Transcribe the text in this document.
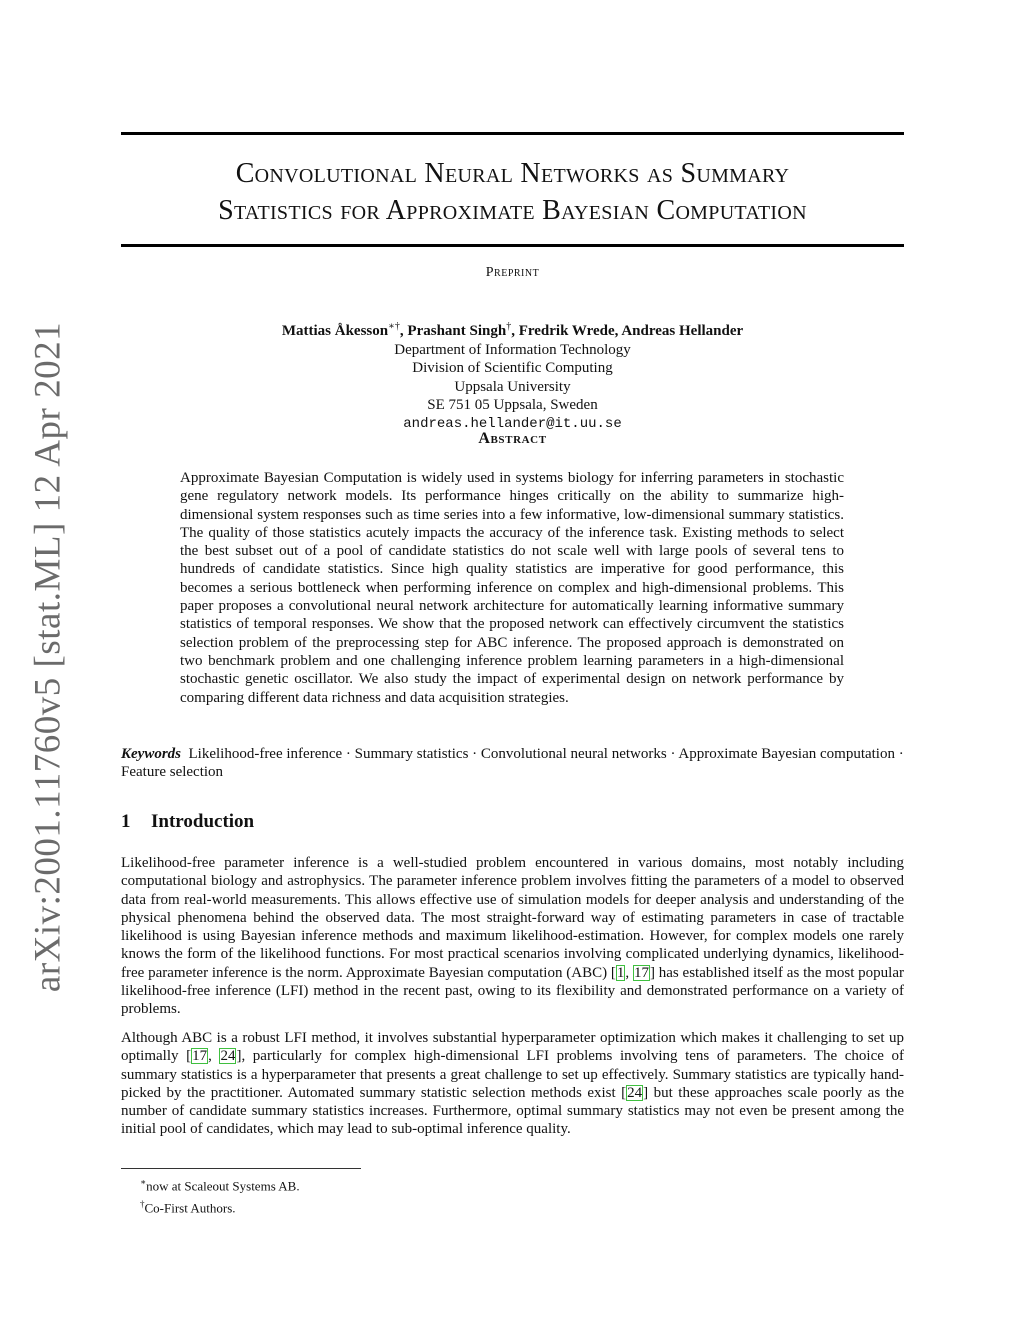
arXiv:2001.11760v5 [stat.ML] 12 Apr 2021
Convolutional Neural Networks as Summary
Statistics for Approximate Bayesian Computation
Preprint
Mattias Åkesson∗†, Prashant Singh†, Fredrik Wrede, Andreas Hellander
Department of Information Technology
Division of Scientific Computing
Uppsala University
SE 751 05 Uppsala, Sweden
andreas.hellander@it.uu.se
Abstract
Approximate Bayesian Computation is widely used in systems biology for inferring parameters in stochastic gene regulatory network models. Its performance hinges critically on the ability to summarize high-dimensional system responses such as time series into a few informative, low-dimensional summary statistics. The quality of those statistics acutely impacts the accuracy of the inference task. Existing methods to select the best subset out of a pool of candidate statistics do not scale well with large pools of several tens to hundreds of candidate statistics. Since high quality statistics are imperative for good performance, this becomes a serious bottleneck when performing inference on complex and high-dimensional problems. This paper proposes a convolutional neural network architecture for automatically learning informative summary statistics of temporal responses. We show that the proposed network can effectively circumvent the statistics selection problem of the preprocessing step for ABC inference. The proposed approach is demonstrated on two benchmark problem and one challenging inference problem learning parameters in a high-dimensional stochastic genetic oscillator. We also study the impact of experimental design on network performance by comparing different data richness and data acquisition strategies.
Keywords Likelihood-free inference · Summary statistics · Convolutional neural networks · Approximate Bayesian computation · Feature selection
1 Introduction
Likelihood-free parameter inference is a well-studied problem encountered in various domains, most notably including computational biology and astrophysics. The parameter inference problem involves fitting the parameters of a model to observed data from real-world measurements. This allows effective use of simulation models for deeper analysis and understanding of the physical phenomena behind the observed data. The most straight-forward way of estimating parameters in case of tractable likelihood is using Bayesian inference methods and maximum likelihood-estimation. However, for complex models one rarely knows the form of the likelihood functions. For most practical scenarios involving complicated underlying dynamics, likelihood-free parameter inference is the norm. Approximate Bayesian computation (ABC) [1, 17] has established itself as the most popular likelihood-free inference (LFI) method in the recent past, owing to its flexibility and demonstrated performance on a variety of problems.
Although ABC is a robust LFI method, it involves substantial hyperparameter optimization which makes it challenging to set up optimally [17, 24], particularly for complex high-dimensional LFI problems involving tens of parameters. The choice of summary statistics is a hyperparameter that presents a great challenge to set up effectively. Summary statistics are typically hand-picked by the practitioner. Automated summary statistic selection methods exist [24] but these approaches scale poorly as the number of candidate summary statistics increases. Furthermore, optimal summary statistics may not even be present among the initial pool of candidates, which may lead to sub-optimal inference quality.
∗now at Scaleout Systems AB.
†Co-First Authors.
